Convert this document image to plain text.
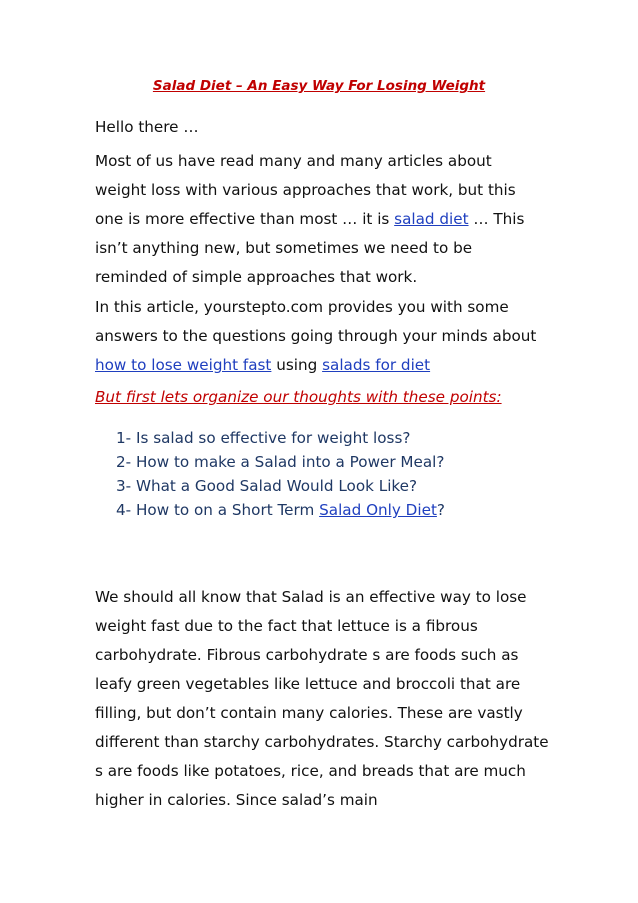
Salad Diet – An Easy Way For Losing Weight

Hello there …

Most of us have read many and many articles about weight loss with various approaches that work, but this one is more effective than most … it is salad diet … This isn’t anything new, but sometimes we need to be reminded of simple approaches that work.

In this article, yourstepto.com provides you with some answers to the questions going through your minds about how to lose weight fast using salads for diet

But first lets organize our thoughts with these points:
1- Is salad so effective for weight loss?
2- How to make a Salad into a Power Meal?
3- What a Good Salad Would Look Like?
4- How to on a Short Term Salad Only Diet?

We should all know that Salad is an effective way to lose weight fast due to the fact that lettuce is a fibrous carbohydrate. Fibrous carbohydrate s are foods such as leafy green vegetables like lettuce and broccoli that are filling, but don’t contain many calories. These are vastly different than starchy carbohydrates. Starchy carbohydrate s are foods like potatoes, rice, and breads that are much higher in calories. Since salad’s main
